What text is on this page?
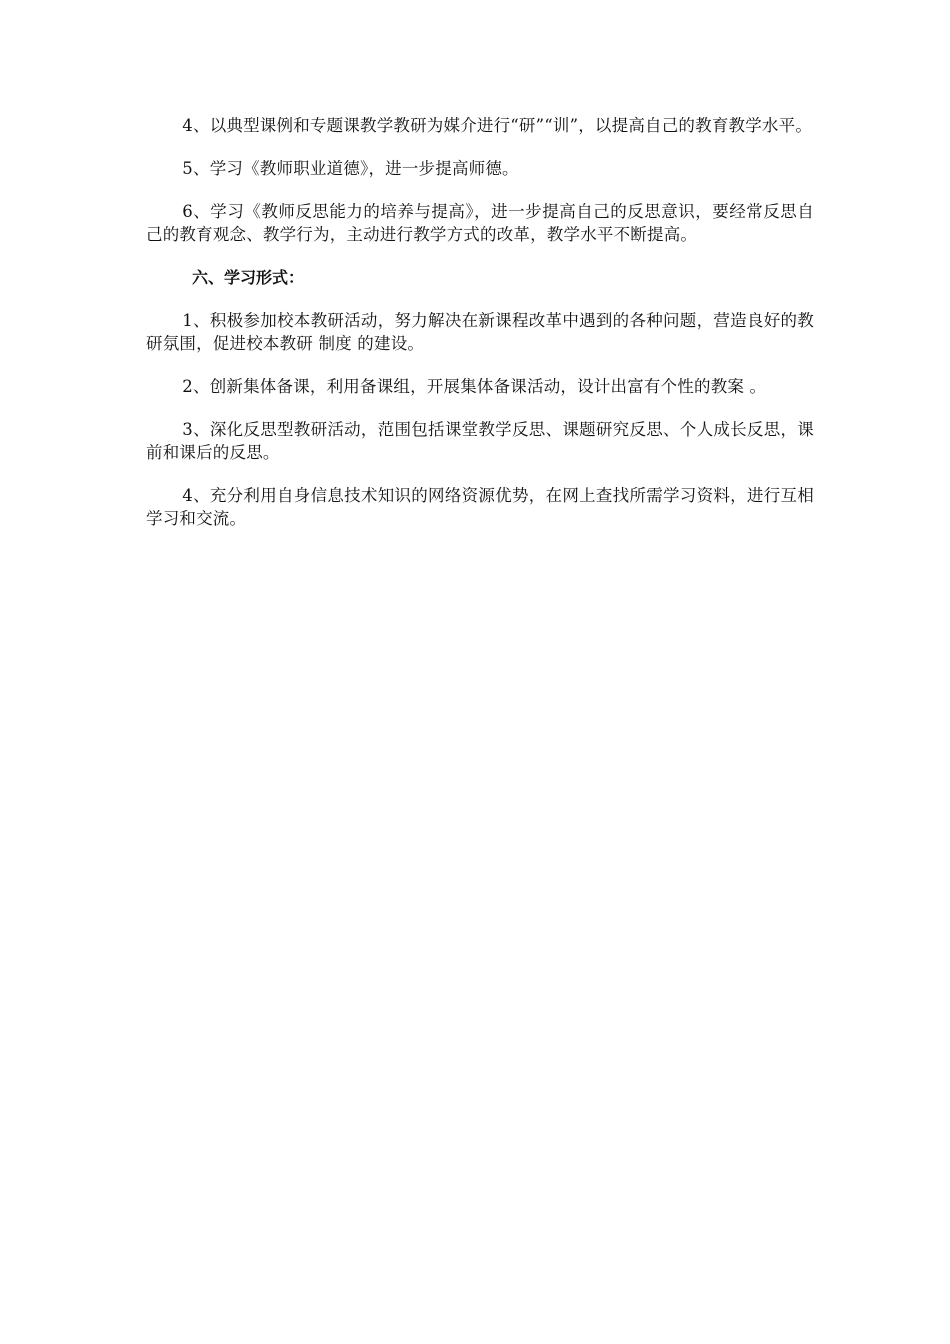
4、以典型课例和专题课教学教研为媒介进行“研”“训”，以提高自己的教育教学水平。

5、学习《教师职业道德》，进一步提高师德。

6、学习《教师反思能力的培养与提高》，进一步提高自己的反思意识，要经常反思自己的教育观念、教学行为，主动进行教学方式的改革，教学水平不断提高。

六、学习形式：

1、积极参加校本教研活动，努力解决在新课程改革中遇到的各种问题，营造良好的教研氛围，促进校本教研 制度 的建设。

2、创新集体备课，利用备课组，开展集体备课活动，设计出富有个性的教案 。

3、深化反思型教研活动，范围包括课堂教学反思、课题研究反思、个人成长反思，课前和课后的反思。

4、充分利用自身信息技术知识的网络资源优势，在网上查找所需学习资料，进行互相学习和交流。
